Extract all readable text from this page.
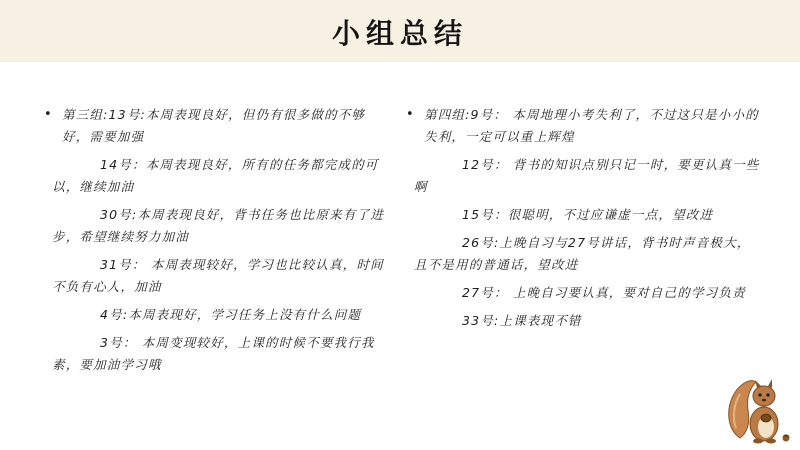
小组总结

• 第三组:13号:本周表现良好，但仍有很多做的不够好，需要加强

14号：本周表现良好，所有的任务都完成的可以，继续加油

30号:本周表现良好，背书任务也比原来有了进步，希望继续努力加油

31号： 本周表现较好，学习也比较认真，时间不负有心人，加油

4号:本周表现好，学习任务上没有什么问题

3号： 本周变现较好，上课的时候不要我行我素，要加油学习哦

• 第四组:9号： 本周地理小考失利了，不过这只是小小的失利，一定可以重上辉煌

12号： 背书的知识点别只记一时，要更认真一些啊

15号：很聪明，不过应谦虚一点，望改进

26号:上晚自习与27号讲话，背书时声音极大，且不是用的普通话，望改进

27号： 上晚自习要认真，要对自己的学习负责

33号:上课表现不错
